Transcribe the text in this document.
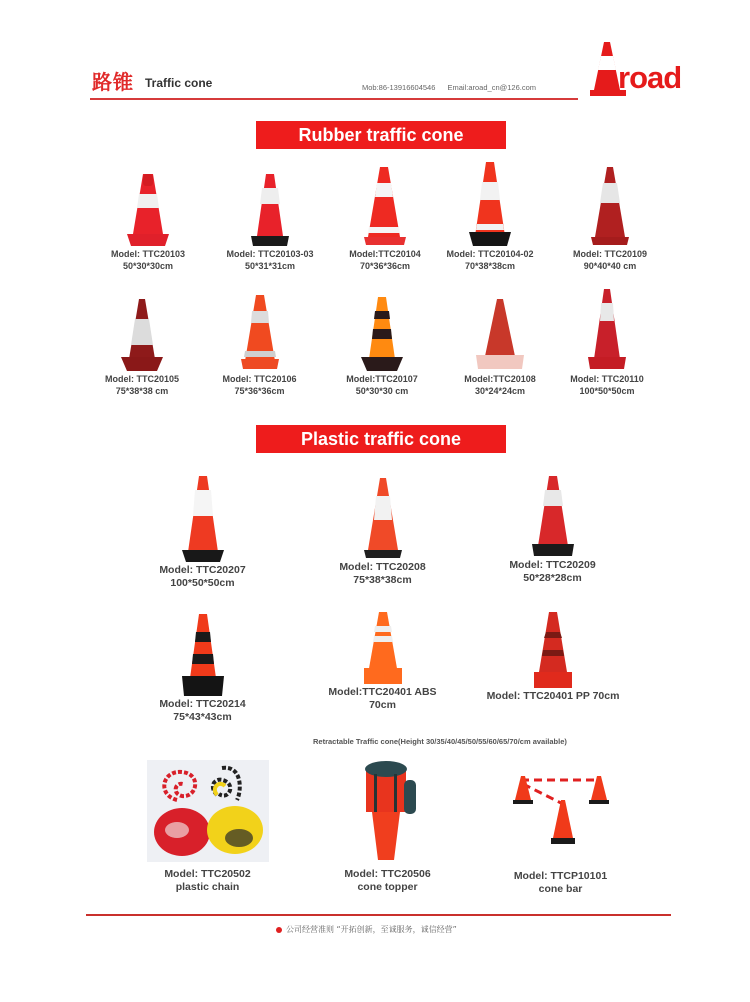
路锥 Traffic cone	Mob:86-13916604546 Email:aroad_cn@126.com	road
Rubber traffic cone
Model: TTC20103
50*30*30cm
Model: TTC20103-03
50*31*31cm
Model:TTC20104
70*36*36cm
Model: TTC20104-02
70*38*38cm
Model: TTC20109
90*40*40 cm
Model: TTC20105
75*38*38 cm
Model: TTC20106
75*36*36cm
Model:TTC20107
50*30*30 cm
Model:TTC20108
30*24*24cm
Model: TTC20110
100*50*50cm
Plastic traffic cone
Model: TTC20207
100*50*50cm
Model: TTC20208
75*38*38cm
Model: TTC20209
50*28*28cm
Model: TTC20214
75*43*43cm
Model:TTC20401 ABS
70cm
Model: TTC20401 PP 70cm
Retractable Traffic cone(Height 30/35/40/45/50/55/60/65/70/cm available)
Model: TTC20502
plastic chain
Model: TTC20506
cone topper
Model: TTCP10101
cone bar
公司经营准则 “开拓创新，至诚服务，诚信经营”
